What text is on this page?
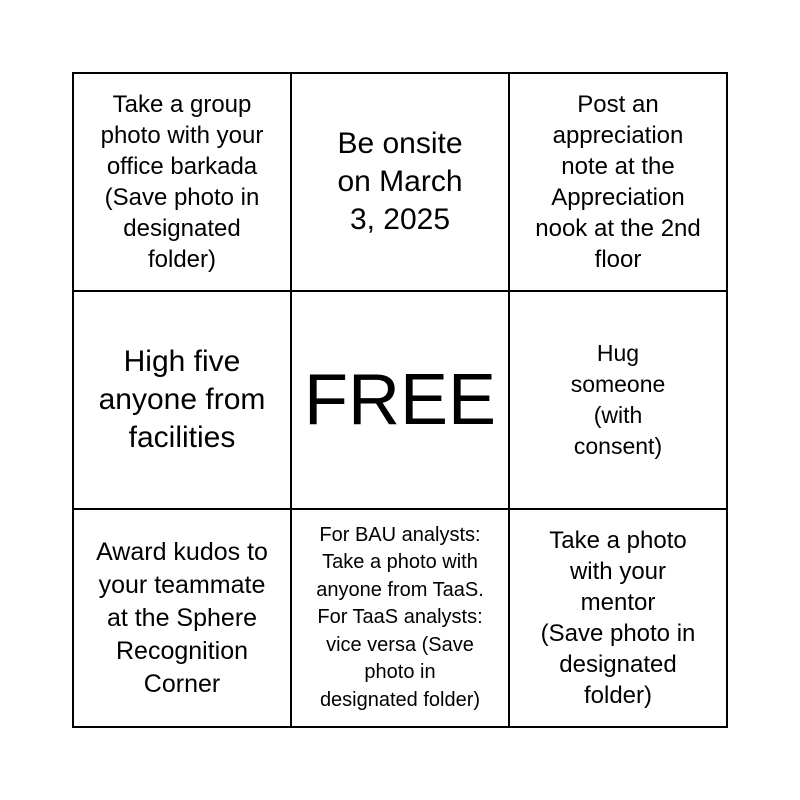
Take a group
photo with your
office barkada
(Save photo in
designated
folder)
Be onsite
on March
3, 2025
Post an
appreciation
note at the
Appreciation
nook at the 2nd
floor
High five
anyone from
facilities FREE
Hug
someone
(with
consent)
Award kudos to
your teammate
at the Sphere
Recognition
Corner
For BAU analysts:
Take a photo with
anyone from TaaS.
For TaaS analysts:
vice versa (Save
photo in
designated folder)
Take a photo
with your
mentor
(Save photo in
designated
folder)
